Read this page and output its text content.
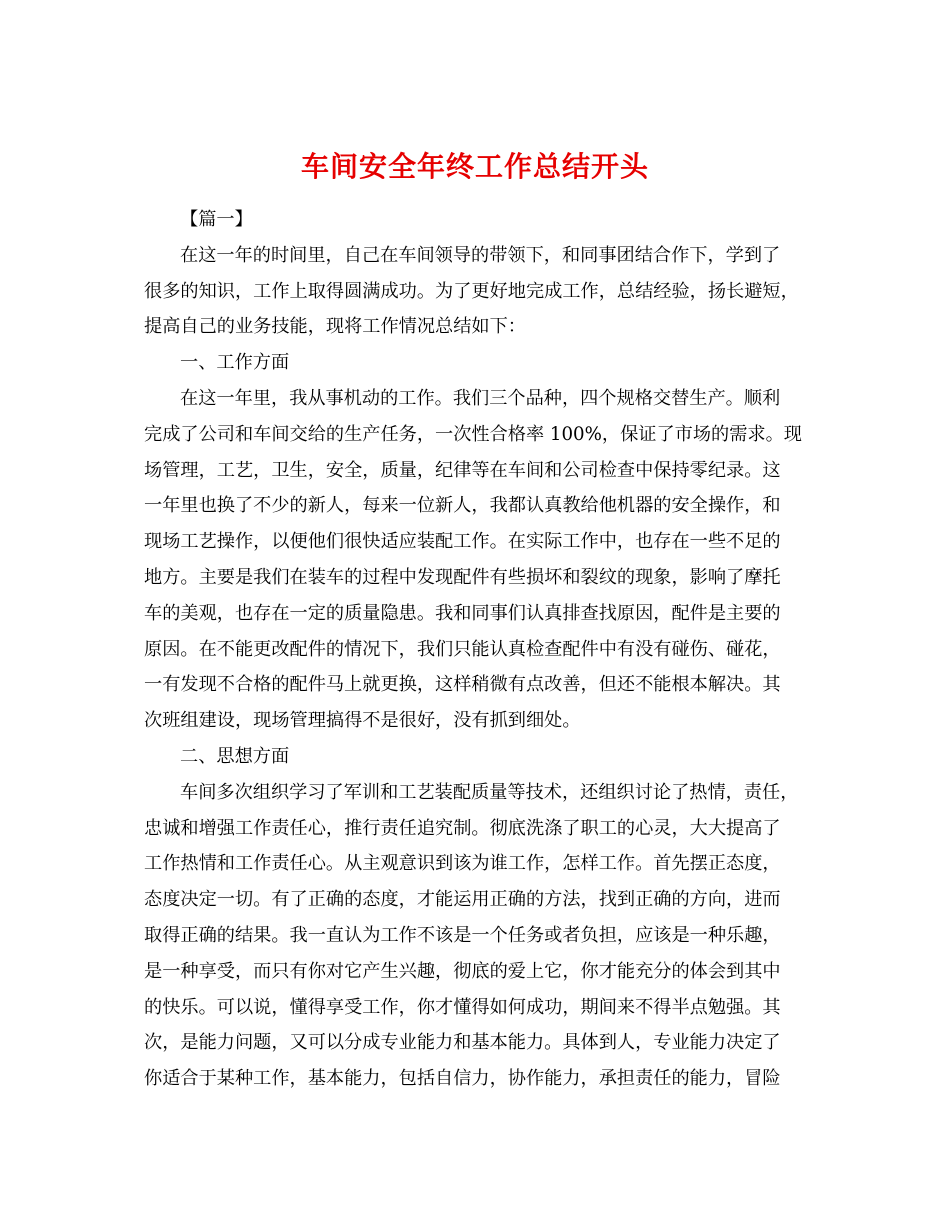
车间安全年终工作总结开头
【篇一】
在这一年的时间里，自己在车间领导的带领下，和同事团结合作下，学到了
很多的知识，工作上取得圆满成功。为了更好地完成工作，总结经验，扬长避短，
提高自己的业务技能，现将工作情况总结如下：
一、工作方面
在这一年里，我从事机动的工作。我们三个品种，四个规格交替生产。顺利
完成了公司和车间交给的生产任务，一次性合格率 100%，保证了市场的需求。现
场管理，工艺，卫生，安全，质量，纪律等在车间和公司检查中保持零纪录。这
一年里也换了不少的新人，每来一位新人，我都认真教给他机器的安全操作，和
现场工艺操作，以便他们很快适应装配工作。在实际工作中，也存在一些不足的
地方。主要是我们在装车的过程中发现配件有些损坏和裂纹的现象，影响了摩托
车的美观，也存在一定的质量隐患。我和同事们认真排查找原因，配件是主要的
原因。在不能更改配件的情况下，我们只能认真检查配件中有没有碰伤、碰花，
一有发现不合格的配件马上就更换，这样稍微有点改善，但还不能根本解决。其
次班组建设，现场管理搞得不是很好，没有抓到细处。
二、思想方面
车间多次组织学习了军训和工艺装配质量等技术，还组织讨论了热情，责任，
忠诚和增强工作责任心，推行责任追究制。彻底洗涤了职工的心灵，大大提高了
工作热情和工作责任心。从主观意识到该为谁工作，怎样工作。首先摆正态度，
态度决定一切。有了正确的态度，才能运用正确的方法，找到正确的方向，进而
取得正确的结果。我一直认为工作不该是一个任务或者负担，应该是一种乐趣，
是一种享受，而只有你对它产生兴趣，彻底的爱上它，你才能充分的体会到其中
的快乐。可以说，懂得享受工作，你才懂得如何成功，期间来不得半点勉强。其
次，是能力问题，又可以分成专业能力和基本能力。具体到人，专业能力决定了
你适合于某种工作，基本能力，包括自信力，协作能力，承担责任的能力，冒险
